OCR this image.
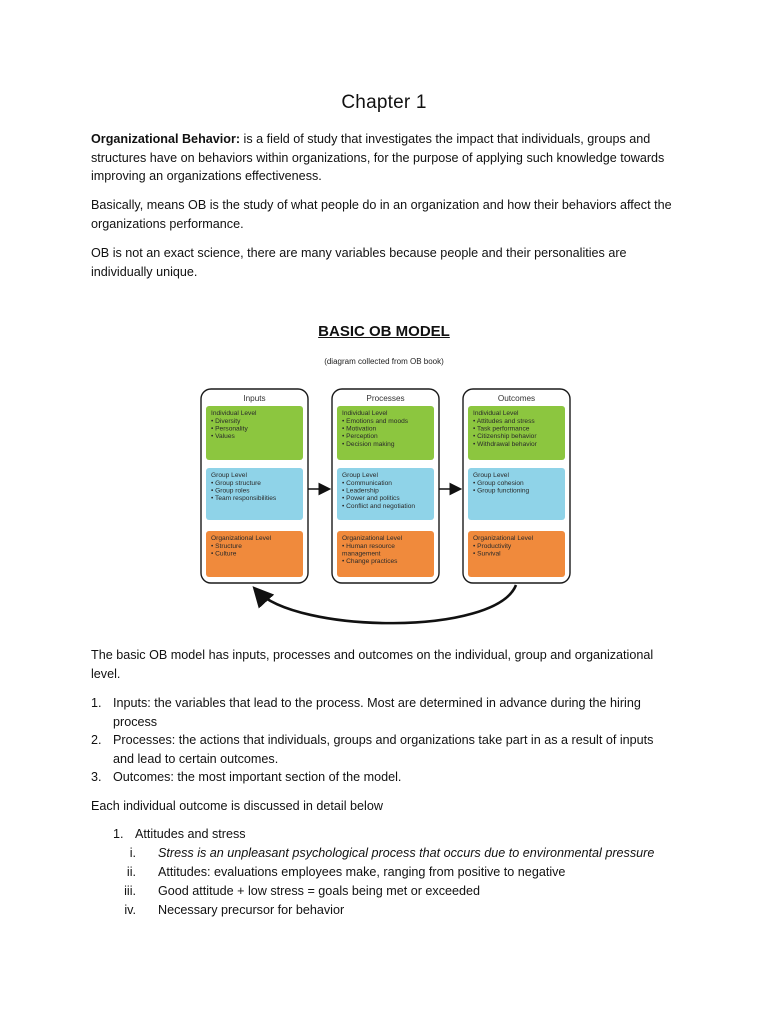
Chapter 1

Organizational Behavior: is a field of study that investigates the impact that individuals, groups and structures have on behaviors within organizations, for the purpose of applying such knowledge towards improving an organizations effectiveness.

Basically, means OB is the study of what people do in an organization and how their behaviors affect the organizations performance.

OB is not an exact science, there are many variables because people and their personalities are individually unique.

BASIC OB MODEL
(diagram collected from OB book)
Inputs
Individual Level
• Diversity
• Personality
• Values
Group Level
• Group structure
• Group roles
• Team responsibilities
Organizational Level
• Structure
• Culture
Processes
Individual Level
• Emotions and moods
• Motivation
• Perception
• Decision making
Group Level
• Communication
• Leadership
• Power and politics
• Conflict and negotiation
Organizational Level
• Human resource
management
• Change practices
Outcomes
Individual Level
• Attitudes and stress
• Task performance
• Citizenship behavior
• Withdrawal behavior
Group Level
• Group cohesion
• Group functioning
Organizational Level
• Productivity
• Survival

The basic OB model has inputs, processes and outcomes on the individual, group and organizational level.

1. Inputs: the variables that lead to the process. Most are determined in advance during the hiring
process
2. Processes: the actions that individuals, groups and organizations take part in as a result of inputs
and lead to certain outcomes.
3. Outcomes: the most important section of the model.

Each individual outcome is discussed in detail below

1. Attitudes and stress
i. Stress is an unpleasant psychological process that occurs due to environmental pressure
ii. Attitudes: evaluations employees make, ranging from positive to negative
iii. Good attitude + low stress = goals being met or exceeded
iv. Necessary precursor for behavior
